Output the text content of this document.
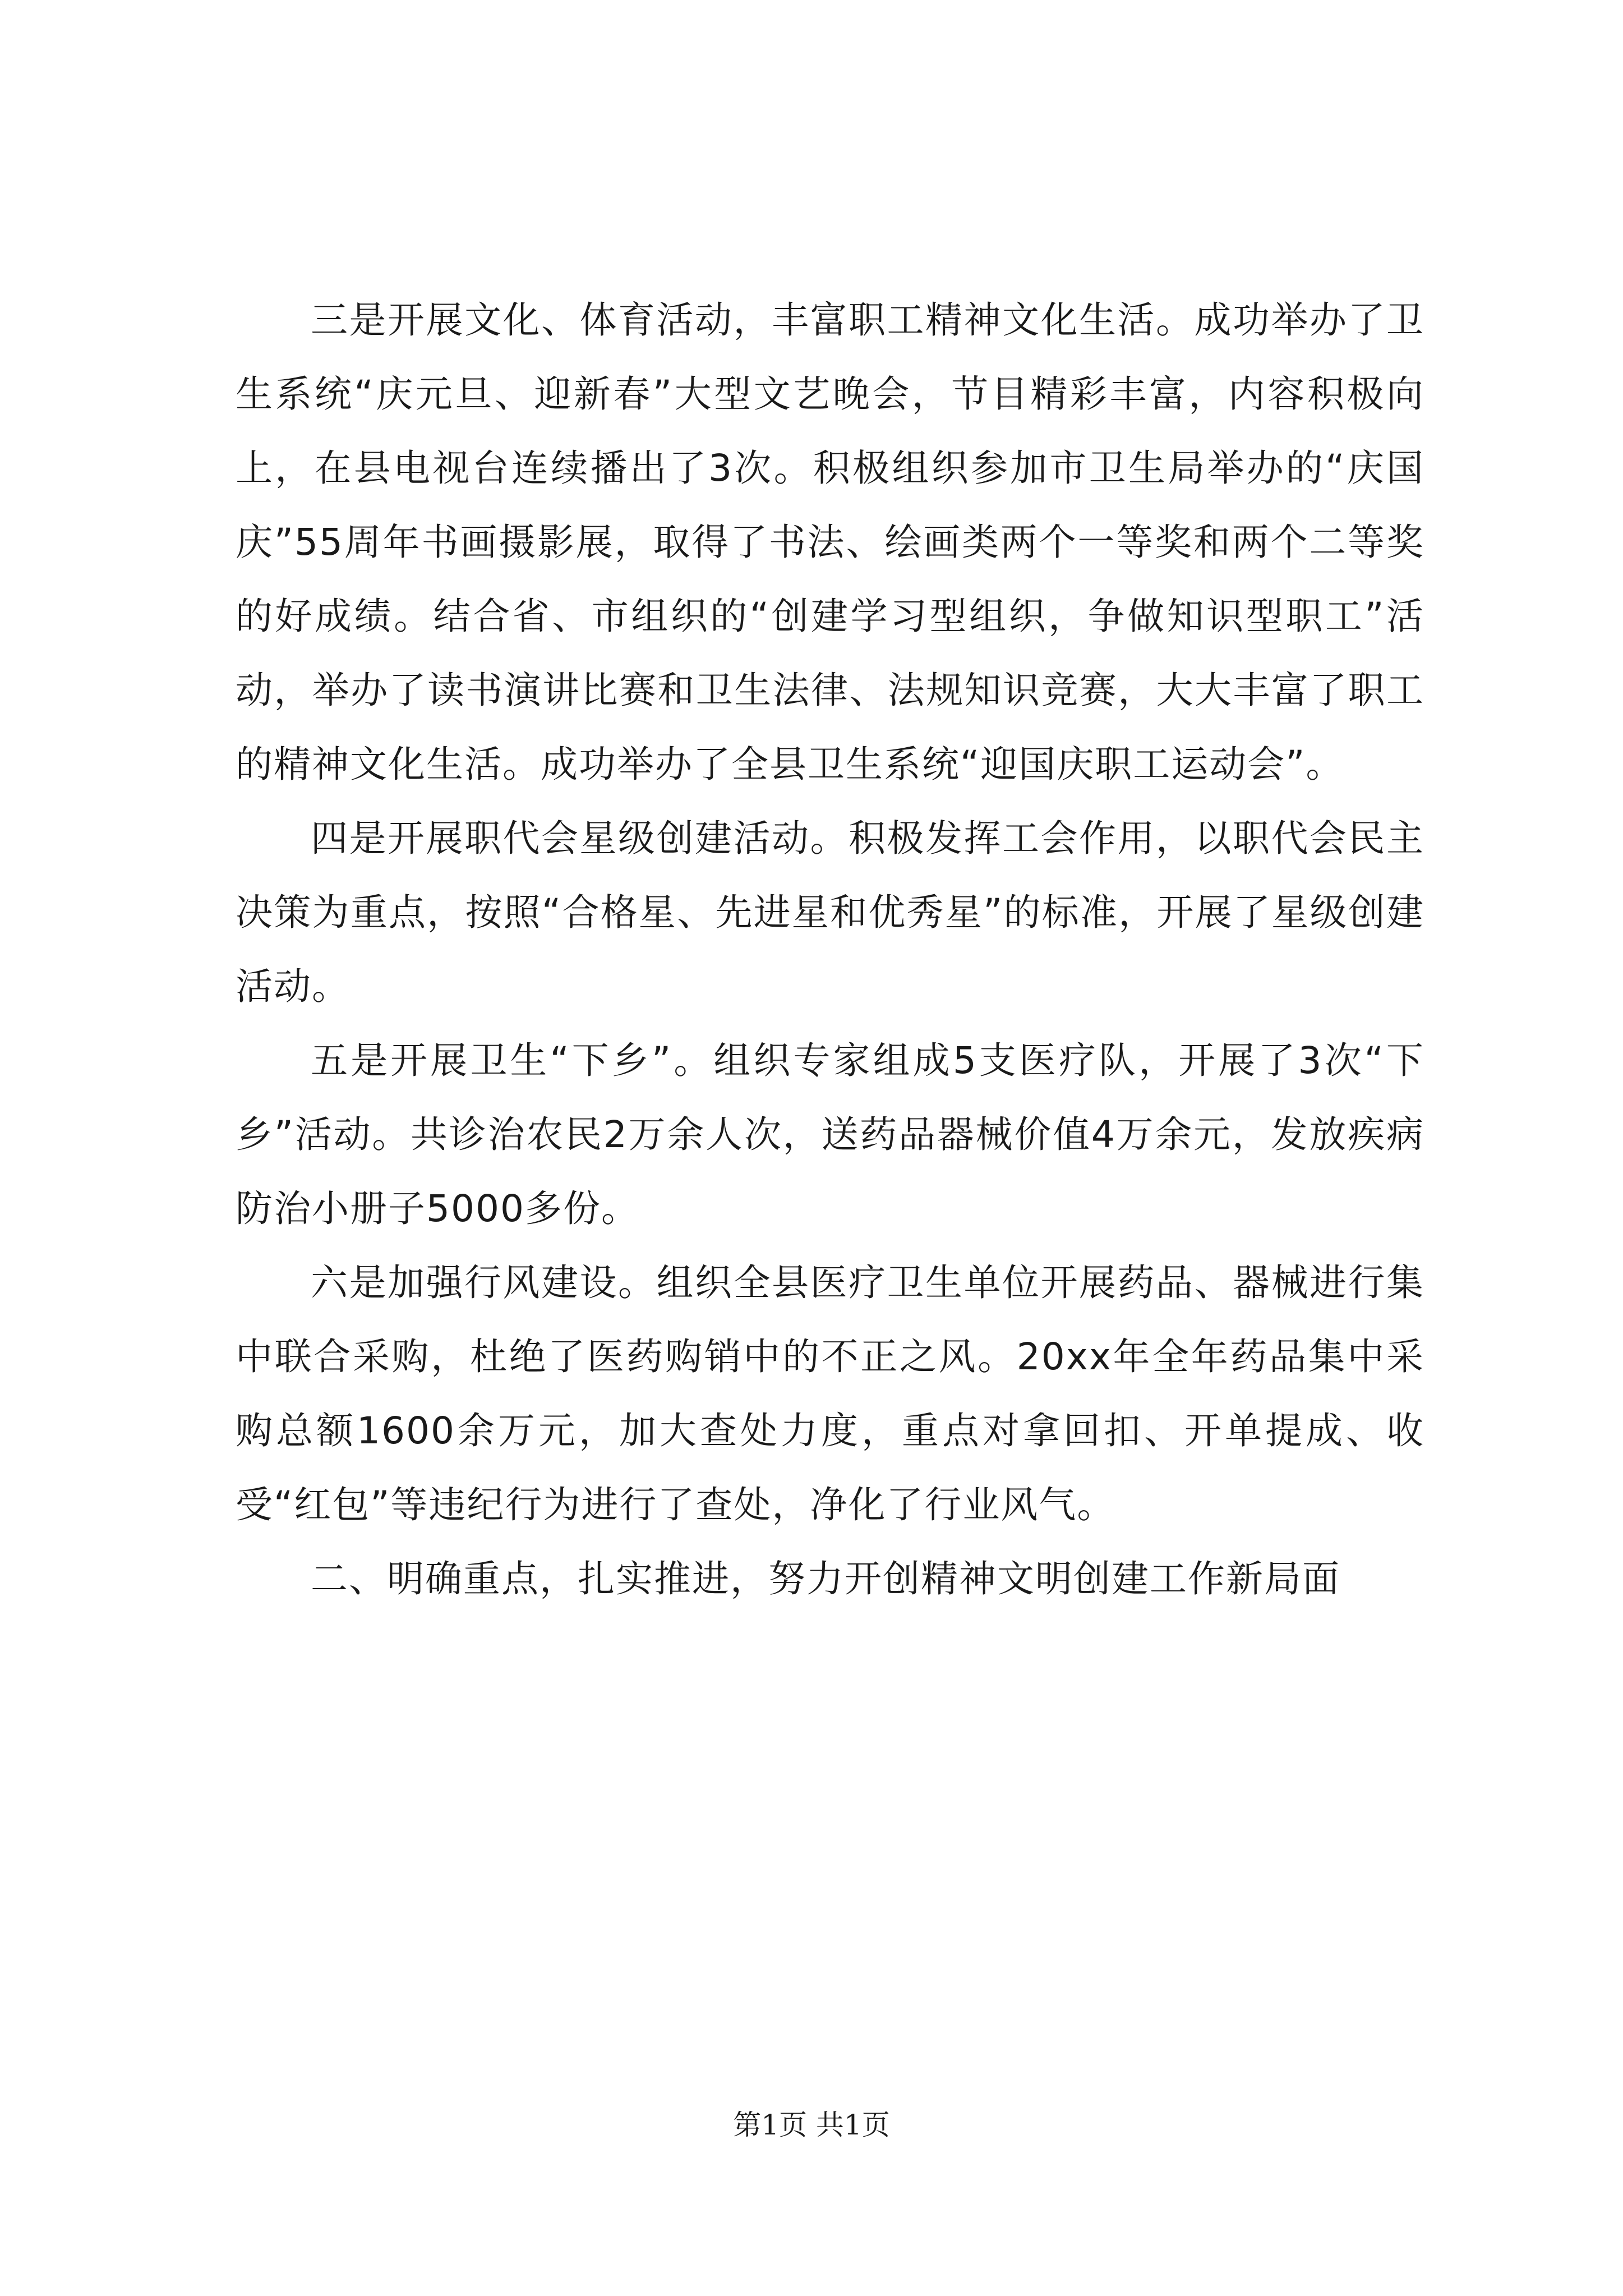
三是开展文化、体育活动，丰富职工精神文化生活。成功举办了卫生系统“庆元旦、迎新春”大型文艺晚会，节目精彩丰富，内容积极向上，在县电视台连续播出了3次。积极组织参加市卫生局举办的“庆国庆”55周年书画摄影展，取得了书法、绘画类两个一等奖和两个二等奖的好成绩。结合省、市组织的“创建学习型组织，争做知识型职工”活动，举办了读书演讲比赛和卫生法律、法规知识竞赛，大大丰富了职工的精神文化生活。成功举办了全县卫生系统“迎国庆职工运动会”。

四是开展职代会星级创建活动。积极发挥工会作用，以职代会民主决策为重点，按照“合格星、先进星和优秀星”的标准，开展了星级创建活动。

五是开展卫生“下乡”。组织专家组成5支医疗队，开展了3次“下乡”活动。共诊治农民2万余人次，送药品器械价值4万余元，发放疾病防治小册子5000多份。

六是加强行风建设。组织全县医疗卫生单位开展药品、器械进行集中联合采购，杜绝了医药购销中的不正之风。20xx年全年药品集中采购总额1600余万元，加大查处力度，重点对拿回扣、开单提成、收受“红包”等违纪行为进行了查处，净化了行业风气。

二、明确重点，扎实推进，努力开创精神文明创建工作新局面

第1页 共1页
